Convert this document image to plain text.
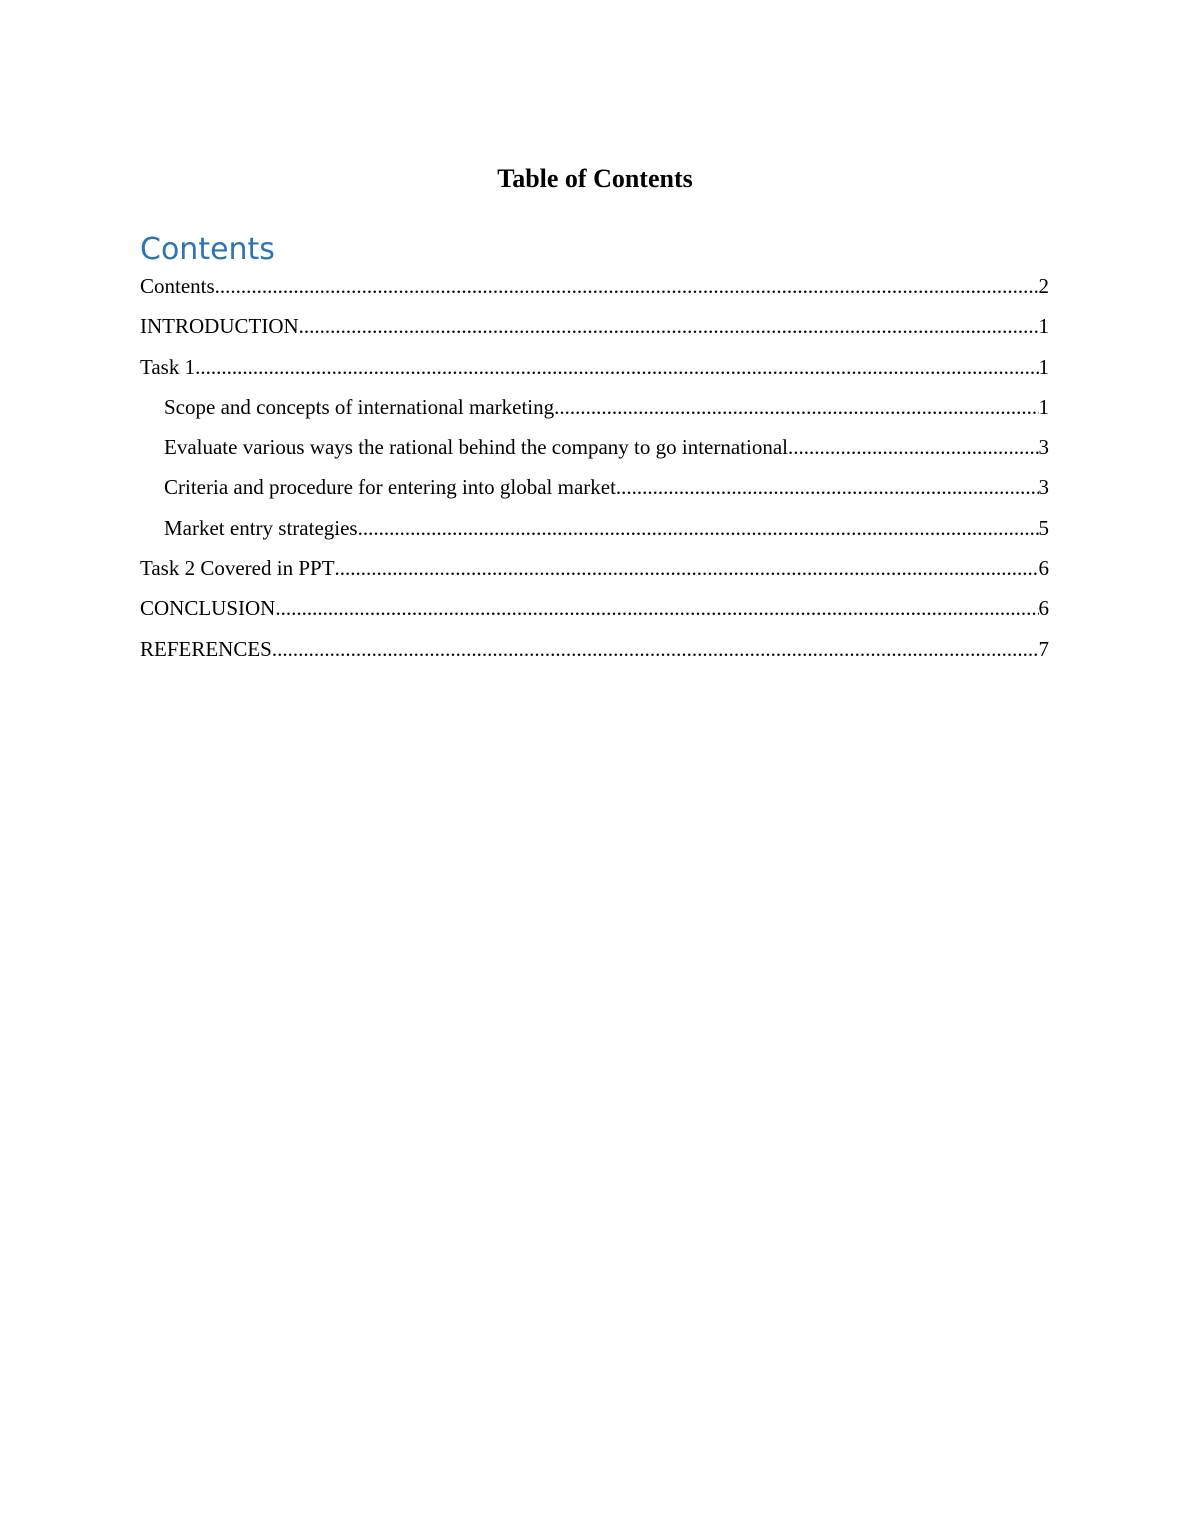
Table of Contents
Contents
Contents .....	2
INTRODUCTION .....	1
Task 1 .....	1
Scope and concepts of international marketing .....	1
Evaluate various ways the rational behind the company to go international .....	3
Criteria and procedure for entering into global market .....	3
Market entry strategies .....	5
Task 2 Covered in PPT .....	6
CONCLUSION .....	6
REFERENCES .....	7
